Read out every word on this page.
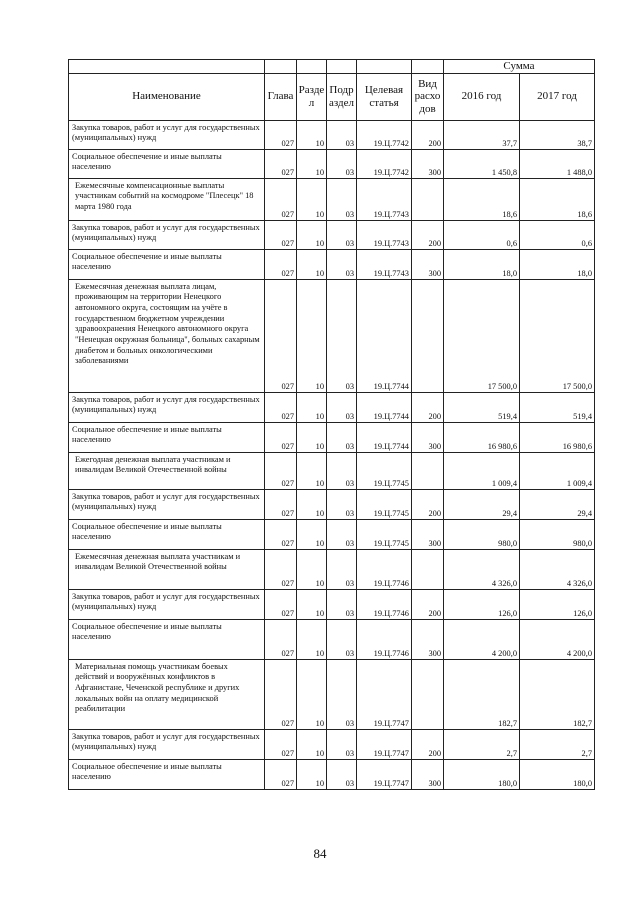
						Сумма	
Наименование	Глава	Разде л	Подр аздел	Целевая статья	Вид расхо дов	2016 год	2017 год
Закупка товаров, работ и услуг для государственных (муниципальных) нужд	027	10	03	19.Ц.7742	200	37,7	38,7
Социальное обеспечение и иные выплаты населению	027	10	03	19.Ц.7742	300	1 450,8	1 488,0
Ежемесячные компенсационные выплаты участникам событий на космодроме "Плесецк" 18 марта 1980 года	027	10	03	19.Ц.7743		18,6	18,6
Закупка товаров, работ и услуг для государственных (муниципальных) нужд	027	10	03	19.Ц.7743	200	0,6	0,6
Социальное обеспечение и иные выплаты населению	027	10	03	19.Ц.7743	300	18,0	18,0
Ежемесячная денежная выплата лицам, проживающим на территории Ненецкого автономного округа, состоящим на учёте в государственном бюджетном учреждении здравоохранения Ненецкого автономного округа "Ненецкая окружная больница", больных сахарным диабетом и больных онкологическими заболеваниями	027	10	03	19.Ц.7744		17 500,0	17 500,0
Закупка товаров, работ и услуг для государственных (муниципальных) нужд	027	10	03	19.Ц.7744	200	519,4	519,4
Социальное обеспечение и иные выплаты населению	027	10	03	19.Ц.7744	300	16 980,6	16 980,6
Ежегодная денежная выплата участникам и инвалидам Великой Отечественной войны	027	10	03	19.Ц.7745		1 009,4	1 009,4
Закупка товаров, работ и услуг для государственных (муниципальных) нужд	027	10	03	19.Ц.7745	200	29,4	29,4
Социальное обеспечение и иные выплаты населению	027	10	03	19.Ц.7745	300	980,0	980,0
Ежемесячная денежная выплата участникам и инвалидам Великой Отечественной войны	027	10	03	19.Ц.7746		4 326,0	4 326,0
Закупка товаров, работ и услуг для государственных (муниципальных) нужд	027	10	03	19.Ц.7746	200	126,0	126,0
Социальное обеспечение и иные выплаты населению	027	10	03	19.Ц.7746	300	4 200,0	4 200,0
Материальная помощь участникам боевых действий и вооружённых конфликтов в Афганистане, Чеченской республике и других локальных войн на оплату медицинской реабилитации	027	10	03	19.Ц.7747		182,7	182,7
Закупка товаров, работ и услуг для государственных (муниципальных) нужд	027	10	03	19.Ц.7747	200	2,7	2,7
Социальное обеспечение и иные выплаты населению	027	10	03	19.Ц.7747	300	180,0	180,0
84
